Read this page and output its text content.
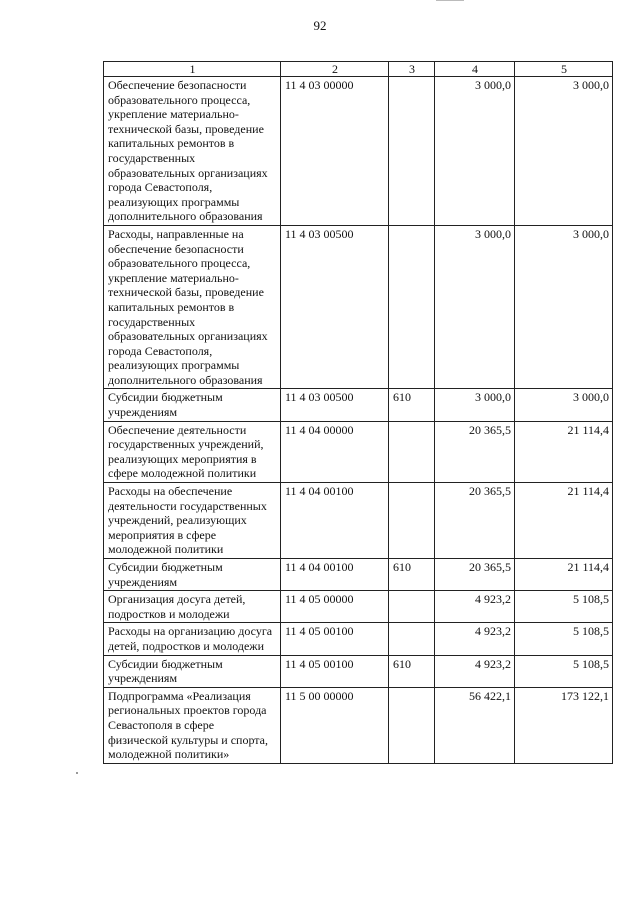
92
1	2	3	4	5
Обеспечение безопасности образовательного процесса, укрепление материально-технической базы, проведение капитальных ремонтов в государственных образовательных организациях города Севастополя, реализующих программы дополнительного образования	11 4 03 00000		3 000,0	3 000,0
Расходы, направленные на обеспечение безопасности образовательного процесса, укрепление материально-технической базы, проведение капитальных ремонтов в государственных образовательных организациях города Севастополя, реализующих программы дополнительного образования	11 4 03 00500		3 000,0	3 000,0
Субсидии бюджетным учреждениям	11 4 03 00500	610	3 000,0	3 000,0
Обеспечение деятельности государственных учреждений, реализующих мероприятия в сфере молодежной политики	11 4 04 00000		20 365,5	21 114,4
Расходы на обеспечение деятельности государственных учреждений, реализующих мероприятия в сфере молодежной политики	11 4 04 00100		20 365,5	21 114,4
Субсидии бюджетным учреждениям	11 4 04 00100	610	20 365,5	21 114,4
Организация досуга детей, подростков и молодежи	11 4 05 00000		4 923,2	5 108,5
Расходы на организацию досуга детей, подростков и молодежи	11 4 05 00100		4 923,2	5 108,5
Субсидии бюджетным учреждениям	11 4 05 00100	610	4 923,2	5 108,5
Подпрограмма «Реализация региональных проектов города Севастополя в сфере физической культуры и спорта, молодежной политики»	11 5 00 00000		56 422,1	173 122,1
